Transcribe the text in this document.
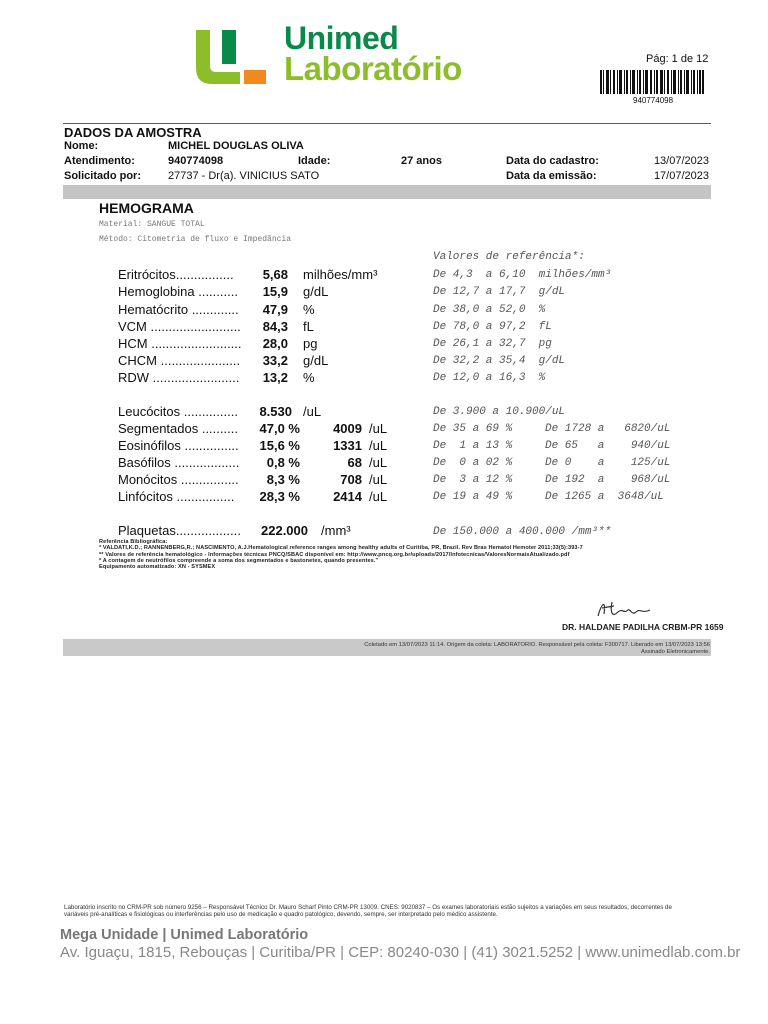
Unimed
Laboratório	Pág: 1 de 12
940774098
DADOS DA AMOSTRA
Nome:	MICHEL DOUGLAS OLIVA
Atendimento:	940774098	Idade:	27 anos	Data do cadastro:	13/07/2023
Solicitado por: 27737 - Dr(a). VINICIUS SATO	Data da emissão:	17/07/2023
HEMOGRAMA
Material: SANGUE TOTAL
Método: Citometria de fluxo e Impedância
Valores de referência*:
Eritrócitos................	5,68 milhões/mm³	De 4,3  a 6,10  milhões/mm³
Hemoglobina ...........	15,9 g/dL	De 12,7 a 17,7  g/dL
Hematócrito .............	47,9 %	De 38,0 a 52,0  %
VCM .........................	84,3 fL	De 78,0 a 97,2  fL
HCM .........................	28,0 pg	De 26,1 a 32,7  pg
CHCM ......................	33,2 g/dL	De 32,2 a 35,4  g/dL
RDW ........................	13,2 %	De 12,0 a 16,3  %
Leucócitos ...............	8.530 /uL	De 3.900 a 10.900/uL
Segmentados ..........	47,0 %	4009 /uL	De 35 a 69 %	De 1728 a   6820/uL
Eosinófilos ...............	15,6 %	1331 /uL	De  1 a 13 %	De 65   a    940/uL
Basófilos ..................	0,8 %	68 /uL	De  0 a 02 %	De 0    a    125/uL
Monócitos ................	8,3 %	708 /uL	De  3 a 12 %	De 192  a    968/uL
Linfócitos ................	28,3 %	2414 /uL	De 19 a 49 %	De 1265 a  3648/uL
Plaquetas..................	222.000 /mm³	De 150.000 a 400.000 /mm³**
Referência Bibliográfica:
* VALDATI,K.D.; RANNENBERG,R.; NASCIMENTO, A.J.Hematological reference ranges among healthy adults of Curitiba, PR, Brazil. Rev Bras Hematol Hemoter 2011;33(5):393-7
** Valores de referência hematológico - Informações técnicas PNCQ/SBAC disponível em: http://www.pncq.org.br/uploads/2017/Infotecnicas/ValoresNormaisAtualizado.pdf
* A contagem de neutrófilos compreende a soma dos segmentados e bastonetes, quando presentes."
Equipamento automatizado: XN - SYSMEX
DR. HALDANE PADILHA CRBM-PR 1659
Coletado em 13/07/2023 11:14. Origem da coleta: LABORATORIO. Responsável pela coleta: F300717. Liberado em 13/07/2023 13:56
Assinado Eletronicamente.
Laboratório inscrito no CRM-PR sob número 9256 – Responsável Técnico Dr. Mauro Scharf Pinto CRM-PR 13009. CNES: 9020837 – Os exames laboratoriais estão sujeitos a variações em seus resultados, decorrentes de variáveis pré-analíticas e fisiológicas ou interferências pelo uso de medicação e quadro patológico, devendo, sempre, ser interpretado pelo médico assistente.
Mega Unidade | Unimed Laboratório
Av. Iguaçu, 1815, Rebouças | Curitiba/PR | CEP: 80240-030 | (41) 3021.5252 | www.unimedlab.com.br
